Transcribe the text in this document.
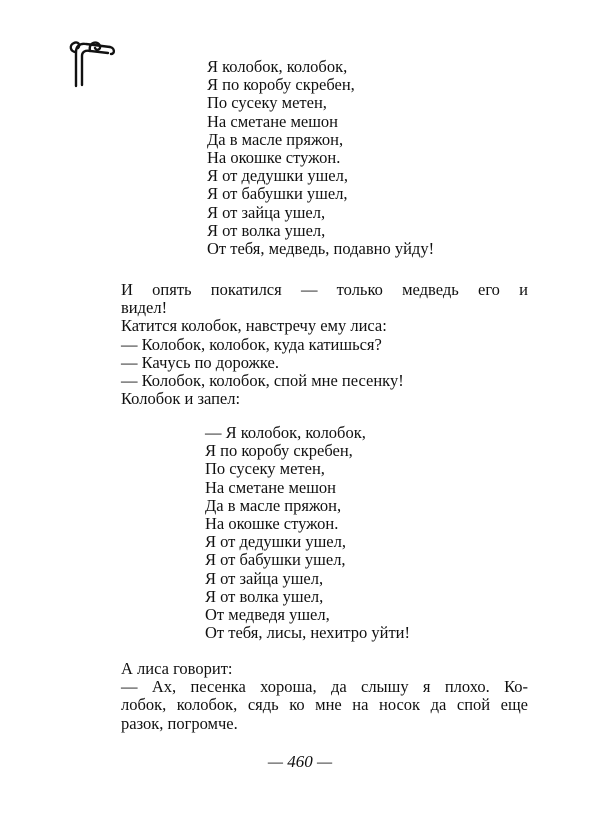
Я колобок, колобок,
Я по коробу скребен,
По сусеку метен,
На сметане мешон
Да в масле пряжон,
На окошке стужон.
Я от дедушки ушел,
Я от бабушки ушел,
Я от зайца ушел,
Я от волка ушел,
От тебя, медведь, подавно уйду!

И опять покатился — только медведь его и

видел!

Катится колобок, навстречу ему лиса:

— Колобок, колобок, куда катишься?

— Качусь по дорожке.

— Колобок, колобок, спой мне песенку!

Колобок и запел:

— Я колобок, колобок,
Я по коробу скребен,
По сусеку метен,
На сметане мешон
Да в масле пряжон,
На окошке стужон.
Я от дедушки ушел,
Я от бабушки ушел,
Я от зайца ушел,
Я от волка ушел,
От медведя ушел,
От тебя, лисы, нехитро уйти!

А лиса говорит:

— Ах, песенка хороша, да слышу я плохо. Ко-

лобок, колобок, сядь ко мне на носок да спой еще

разок, погромче.

— 460 —
